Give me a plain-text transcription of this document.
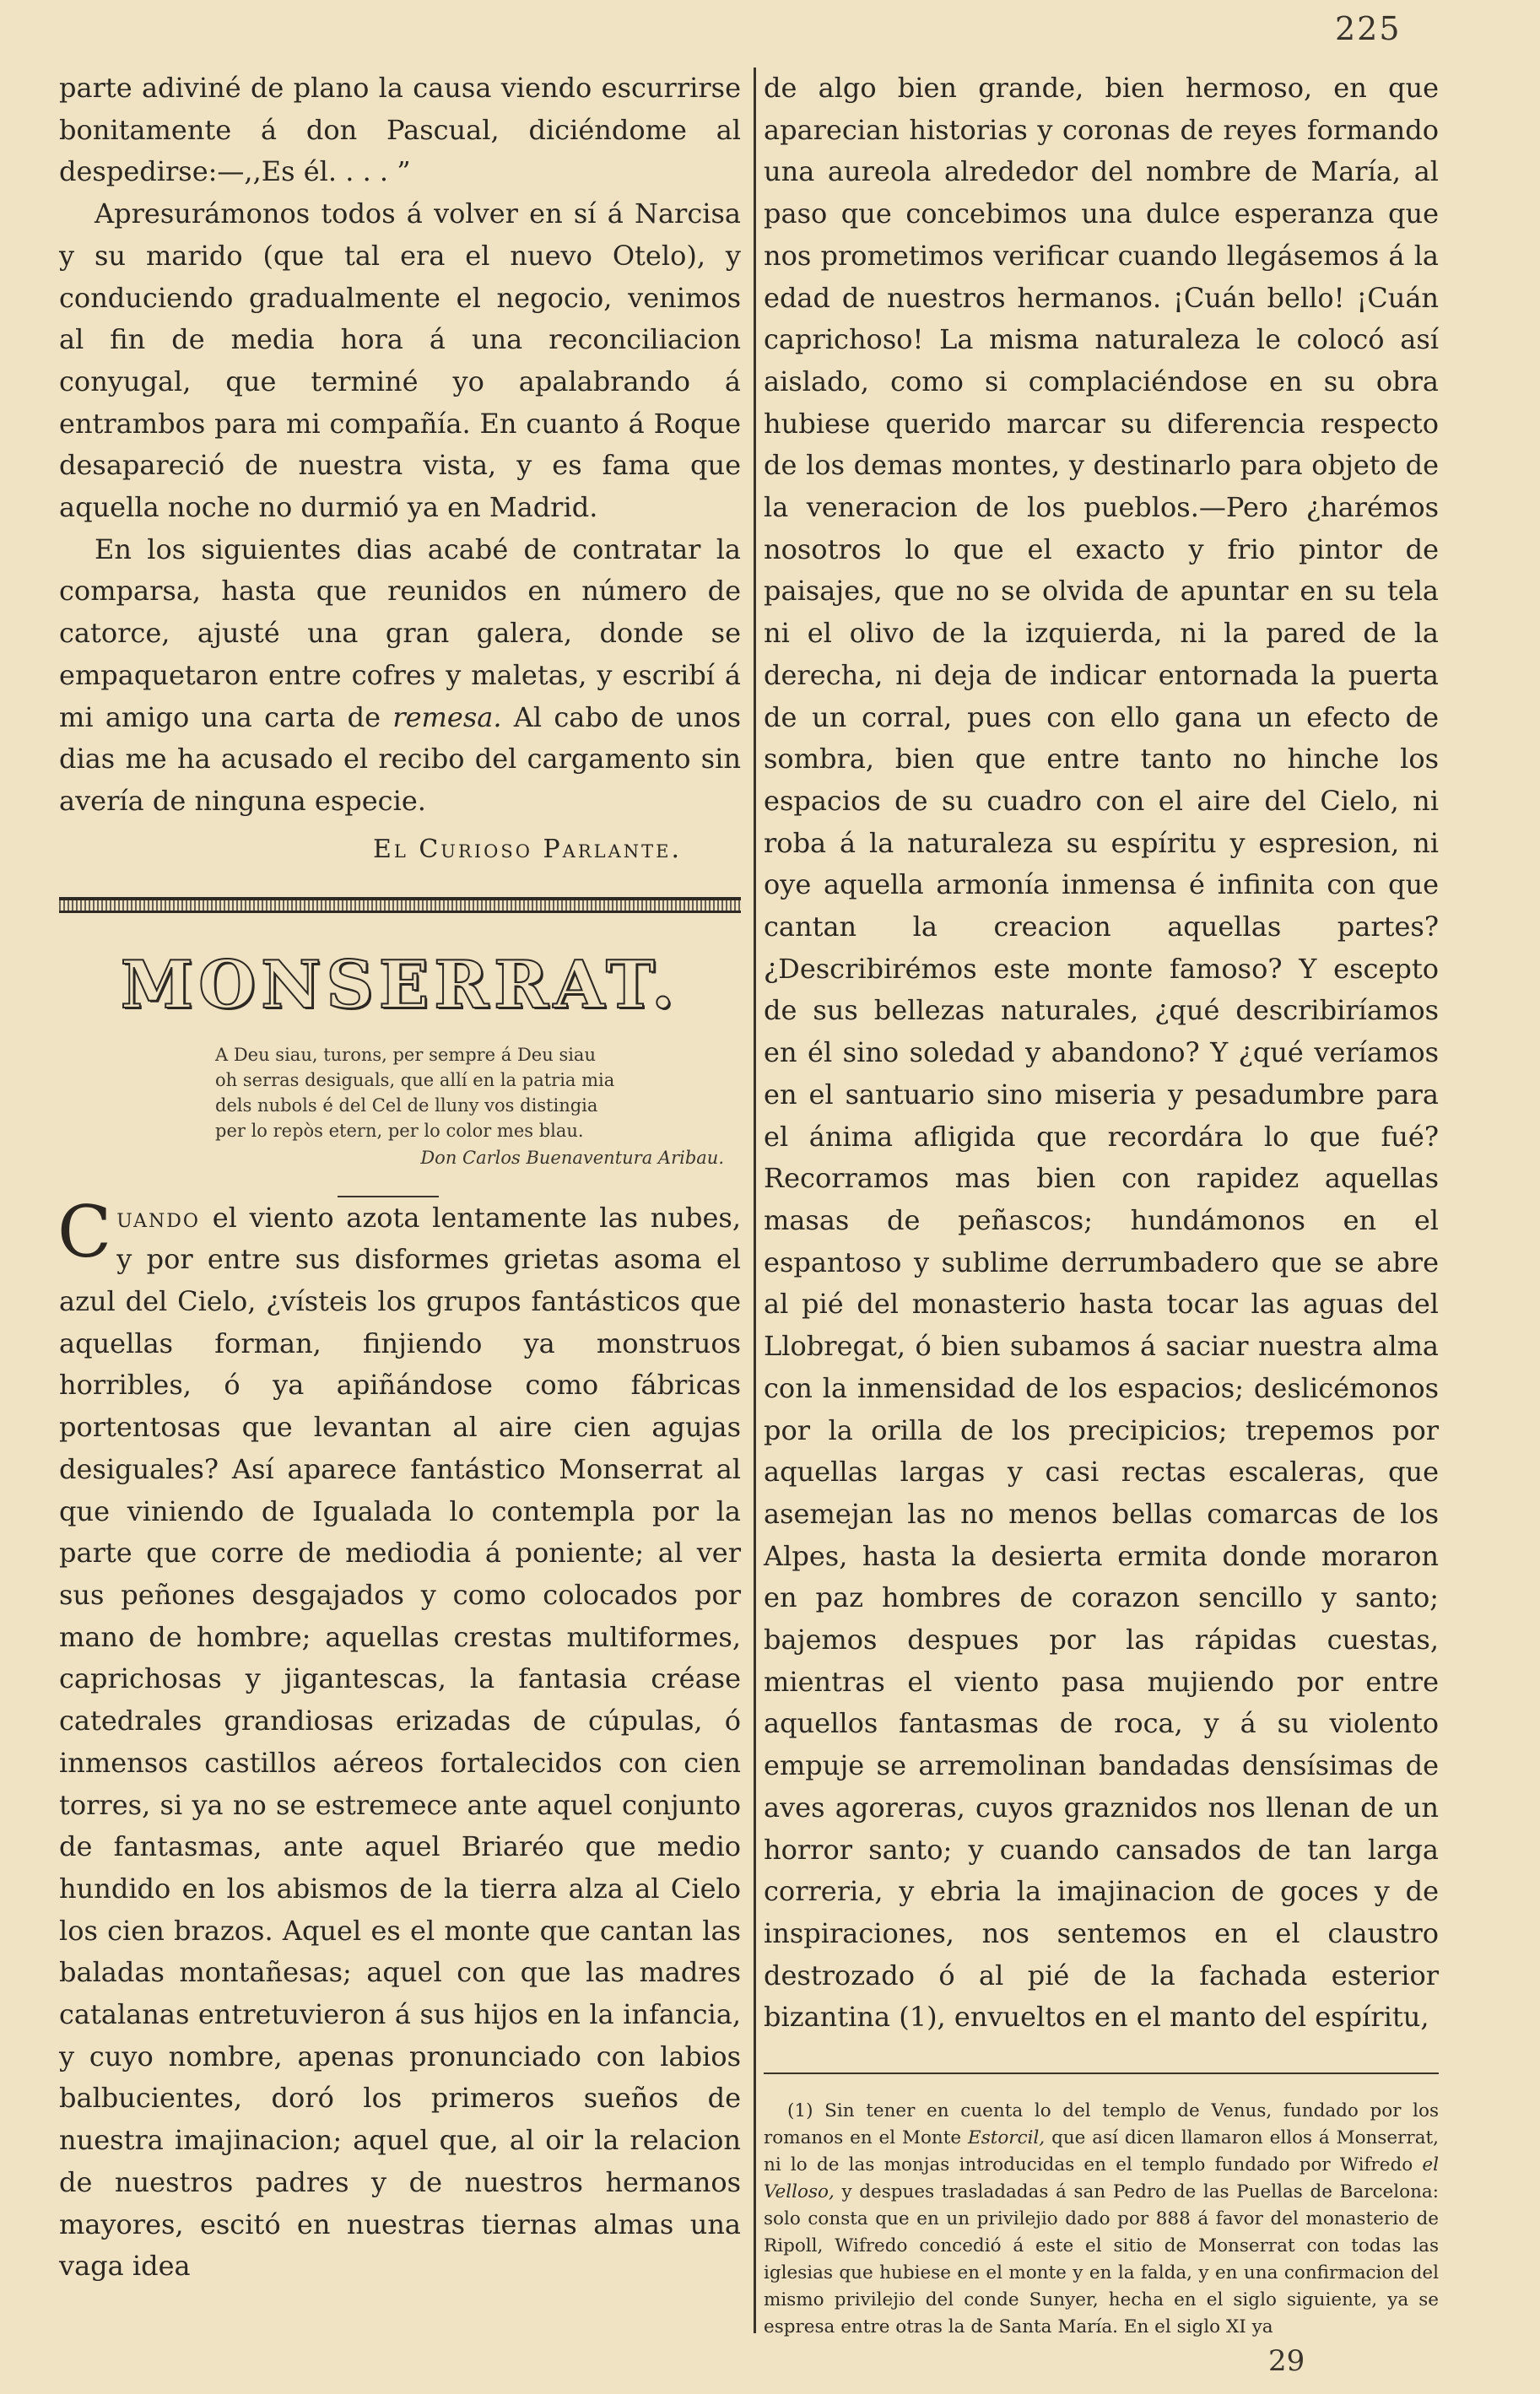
225

parte adiviné de plano la causa viendo escurrirse bonitamente á don Pascual, diciéndome al despedirse:—,,Es él. . . . ”

Apresurámonos todos á volver en sí á Narcisa y su marido (que tal era el nuevo Otelo), y conduciendo gradualmente el negocio, venimos al fin de media hora á una reconciliacion conyugal, que terminé yo apalabrando á entrambos para mi compañía. En cuanto á Roque desapareció de nuestra vista, y es fama que aquella noche no durmió ya en Madrid.

En los siguientes dias acabé de contratar la comparsa, hasta que reunidos en número de catorce, ajusté una gran galera, donde se empaquetaron entre cofres y maletas, y escribí á mi amigo una carta de remesa. Al cabo de unos dias me ha acusado el recibo del cargamento sin avería de ninguna especie.

El Curioso Parlante.
MONSERRAT.
A Deu siau, turons, per sempre á Deu siau
oh serras desiguals, que allí en la patria mia
dels nubols é del Cel de lluny vos distingia
per lo repòs etern, per lo color mes blau.
Don Carlos Buenaventura Aribau.

Cuando el viento azota lentamente las nubes, y por entre sus disformes grietas asoma el azul del Cielo, ¿vísteis los grupos fantásticos que aquellas forman, finjiendo ya monstruos horribles, ó ya apiñándose como fábricas portentosas que levantan al aire cien agujas desiguales? Así aparece fantástico Monserrat al que viniendo de Igualada lo contempla por la parte que corre de mediodia á poniente; al ver sus peñones desgajados y como colocados por mano de hombre; aquellas crestas multiformes, caprichosas y jigantescas, la fantasia créase catedrales grandiosas erizadas de cúpulas, ó inmensos castillos aéreos fortalecidos con cien torres, si ya no se estremece ante aquel conjunto de fantasmas, ante aquel Briaréo que medio hundido en los abismos de la tierra alza al Cielo los cien brazos. Aquel es el monte que cantan las baladas montañesas; aquel con que las madres catalanas entretuvieron á sus hijos en la infancia, y cuyo nombre, apenas pronunciado con labios balbucientes, doró los primeros sueños de nuestra imajinacion; aquel que, al oir la relacion de nuestros padres y de nuestros hermanos mayores, escitó en nuestras tiernas almas una vaga idea

de algo bien grande, bien hermoso, en que aparecian historias y coronas de reyes formando una aureola alrededor del nombre de María, al paso que concebimos una dulce esperanza que nos prometimos verificar cuando llegásemos á la edad de nuestros hermanos. ¡Cuán bello! ¡Cuán caprichoso! La misma naturaleza le colocó así aislado, como si complaciéndose en su obra hubiese querido marcar su diferencia respecto de los demas montes, y destinarlo para objeto de la veneracion de los pueblos.—Pero ¿harémos nosotros lo que el exacto y frio pintor de paisajes, que no se olvida de apuntar en su tela ni el olivo de la izquierda, ni la pared de la derecha, ni deja de indicar entornada la puerta de un corral, pues con ello gana un efecto de sombra, bien que entre tanto no hinche los espacios de su cuadro con el aire del Cielo, ni roba á la naturaleza su espíritu y espresion, ni oye aquella armonía inmensa é infinita con que cantan la creacion aquellas partes? ¿Describirémos este monte famoso? Y escepto de sus bellezas naturales, ¿qué describiríamos en él sino soledad y abandono? Y ¿qué veríamos en el santuario sino miseria y pesadumbre para el ánima afligida que recordára lo que fué? Recorramos mas bien con rapidez aquellas masas de peñascos; hundámonos en el espantoso y sublime derrumbadero que se abre al pié del monasterio hasta tocar las aguas del Llobregat, ó bien subamos á saciar nuestra alma con la inmensidad de los espacios; deslicémonos por la orilla de los precipicios; trepemos por aquellas largas y casi rectas escaleras, que asemejan las no menos bellas comarcas de los Alpes, hasta la desierta ermita donde moraron en paz hombres de corazon sencillo y santo; bajemos despues por las rápidas cuestas, mientras el viento pasa mujiendo por entre aquellos fantasmas de roca, y á su violento empuje se arremolinan bandadas densísimas de aves agoreras, cuyos graznidos nos llenan de un horror santo; y cuando cansados de tan larga correria, y ebria la imajinacion de goces y de inspiraciones, nos sentemos en el claustro destrozado ó al pié de la fachada esterior bizantina (1), envueltos en el manto del espíritu,

(1) Sin tener en cuenta lo del templo de Venus, fundado por los romanos en el Monte Estorcil, que así dicen llamaron ellos á Monserrat, ni lo de las monjas introducidas en el templo fundado por Wifredo el Velloso, y despues trasladadas á san Pedro de las Puellas de Barcelona: solo consta que en un privilejio dado por 888 á favor del monasterio de Ripoll, Wifredo concedió á este el sitio de Monserrat con todas las iglesias que hubiese en el monte y en la falda, y en una confirmacion del mismo privilejio del conde Sunyer, hecha en el siglo siguiente, ya se espresa entre otras la de Santa María. En el siglo XI ya

29
